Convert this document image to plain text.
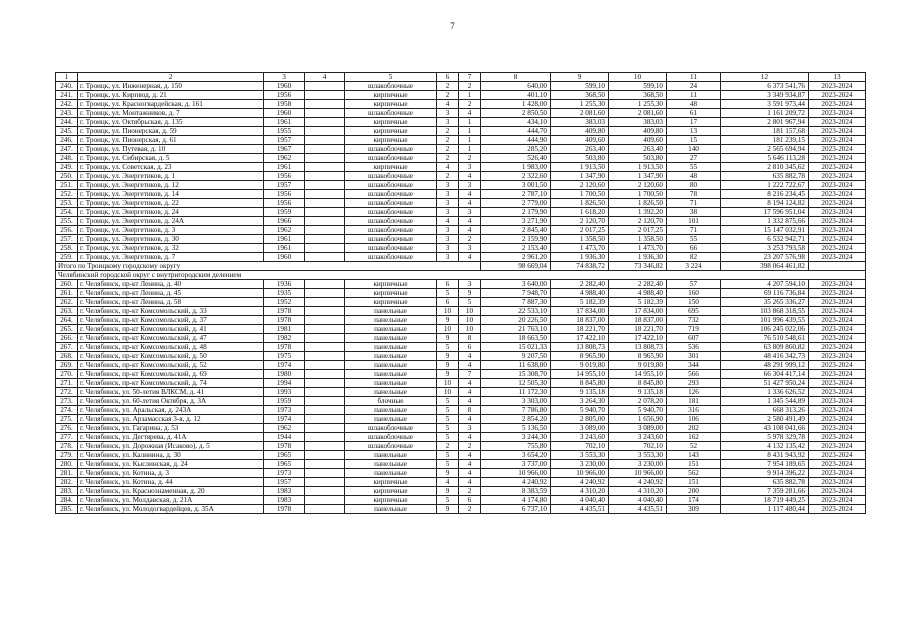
7
1	2	3	4	5	6	7	8	9	10	11	12	13
240.	г. Троицк, ул. Инженерная, д. 150	1960		шлакоблочные	2	2	640,00	599,10	599,10	24	6 373 541,76	2023-2024
241.	г. Троицк, ул. Кирпвод, д. 21	1956		кирпичные	2	1	401,10	368,50	368,50	11	3 349 934,87	2023-2024
242.	г. Троицк, ул. Красногвардейская, д. 161	1958		кирпичные	4	2	1 428,00	1 255,30	1 255,30	48	3 591 973,44	2023-2024
243.	г. Троицк, ул. Монтажников, д. 7	1960		шлакоблочные	3	4	2 850,50	2 081,60	2 081,60	61	1 161 209,72	2023-2024
244.	г. Троицк, ул. Октябрьская, д. 135	1961		кирпичные	3	1	434,10	383,03	383,03	17	2 801 967,94	2023-2024
245.	г. Троицк, ул. Пионерская, д. 59	1955		кирпичные	2	1	444,70	409,80	409,80	13	181 157,68	2023-2024
246.	г. Троицк, ул. Пионерская, д. 61	1957		кирпичные	2	1	444,90	409,60	409,60	15	181 239,15	2023-2024
247.	г. Троицк, ул. Путевая, д. 10	1967		шлакоблочные	2	1	285,20	263,40	263,40	140	2 565 694,94	2023-2024
248.	г. Троицк, ул. Сибирская, д. 5	1962		шлакоблочные	2	2	526,40	503,80	503,80	27	5 646 113,28	2023-2024
249.	г. Троицк, ул. Советская, д. 23	1961		кирпичные	4	3	1 983,00	1 913,50	1 913,50	55	2 810 345,62	2023-2024
250.	г. Троицк, ул. Энергетиков, д. 1	1956		шлакоблочные	2	4	2 322,60	1 347,90	1 347,90	48	635 882,78	2023-2024
251.	г. Троицк, ул. Энергетиков, д. 12	1957		шлакоблочные	3	3	3 001,50	2 120,60	2 120,60	80	1 222 722,67	2023-2024
252.	г. Троицк, ул. Энергетиков, д. 14	1956		шлакоблочные	3	4	2 787,10	1 700,50	1 700,50	78	8 216 234,45	2023-2024
253.	г. Троицк, ул. Энергетиков, д. 22	1956		шлакоблочные	3	4	2 779,00	1 826,50	1 826,50	71	8 194 124,82	2023-2024
254.	г. Троицк, ул. Энергетиков, д. 24	1959		шлакоблочные	3	3	2 179,90	1 618,20	1 392,20	38	17 596 951,04	2023-2024
255.	г. Троицк, ул. Энергетиков, д. 24А	1966		шлакоблочные	4	4	3 271,90	2 120,70	2 120,70	101	1 332 875,66	2023-2024
256.	г. Троицк, ул. Энергетиков, д. 3	1962		шлакоблочные	3	4	2 845,40	2 017,25	2 017,25	71	15 147 032,91	2023-2024
257.	г. Троицк, ул. Энергетиков, д. 30	1961		шлакоблочные	3	2	2 159,90	1 358,50	1 358,50	55	6 532 942,71	2023-2024
258.	г. Троицк, ул. Энергетиков, д. 32	1961		шлакоблочные	3	3	2 153,40	1 473,70	1 473,70	66	3 253 793,58	2023-2024
259.	г. Троицк, ул. Энергетиков, д. 7	1960		шлакоблочные	3	4	2 961,20	1 936,30	1 936,30	82	23 207 576,98	2023-2024
Итого по Троицкому городскому округу							98 669,04	74 838,72	73 346,82	3 224	398 064 461,82	
Челябинский городской округ с внутригородским делением												
260.	г. Челябинск, пр-кт Ленина, д. 40	1936		кирпичные	6	3	3 640,00	2 282,40	2 282,40	57	4 207 594,10	2023-2024
261.	г. Челябинск, пр-кт Ленина, д. 45	1935		кирпичные	5	9	7 948,70	4 988,40	4 988,40	160	69 116 736,84	2023-2024
262.	г. Челябинск, пр-кт Ленина, д. 58	1952		кирпичные	6	5	7 887,30	5 182,39	5 182,39	150	35 265 336,27	2023-2024
263.	г. Челябинск, пр-кт Комсомольский, д. 33	1978		панельные	10	10	22 533,10	17 834,00	17 834,00	695	103 868 318,55	2023-2024
264.	г. Челябинск, пр-кт Комсомольский, д. 37	1978		панельные	9	10	20 226,50	18 837,00	18 837,00	732	101 996 439,55	2023-2024
265.	г. Челябинск, пр-кт Комсомольский, д. 41	1981		панельные	10	10	21 763,10	18 221,70	18 221,70	719	106 245 022,06	2023-2024
266.	г. Челябинск, пр-кт Комсомольский, д. 47	1982		панельные	9	8	18 663,50	17 422,10	17 422,10	607	76 510 548,61	2023-2024
267.	г. Челябинск, пр-кт Комсомольский, д. 48	1978		панельные	5	6	15 021,33	13 808,73	13 808,73	536	63 809 860,82	2023-2024
268.	г. Челябинск, пр-кт Комсомольский, д. 50	1975		панельные	9	4	9 207,50	8 965,90	8 965,90	301	48 416 342,73	2023-2024
269.	г. Челябинск, пр-кт Комсомольский, д. 52	1974		панельные	9	4	11 638,00	9 019,80	9 019,80	344	48 291 999,12	2023-2024
270.	г. Челябинск, пр-кт Комсомольский, д. 69	1980		панельные	9	7	15 308,70	14 955,10	14 955,10	566	66 304 417,14	2023-2024
271.	г. Челябинск, пр-кт Комсомольский, д. 74	1994		панельные	10	4	12 505,30	8 845,80	8 845,80	293	51 427 950,24	2023-2024
272.	г. Челябинск, ул. 50-летия ВЛКСМ, д. 41	1993		панельные	10	4	11 172,30	9 135,18	9 135,18	126	1 336 626,52	2023-2024
273.	г. Челябинск, ул. 60-летия Октября, д. 3А	1959		блочные	5	4	3 303,00	3 264,30	2 078,20	181	1 345 544,89	2023-2024
274.	г. Челябинск, ул. Аральская, д. 243А	1973		панельные	5	8	7 786,80	5 940,70	5 940,70	316	668 313,26	2023-2024
275.	г. Челябинск, ул. Арзамасская 3-я, д. 12	1974		панельные	5	4	2 854,20	2 805,00	1 656,90	106	2 580 491,49	2023-2024
276.	г. Челябинск, ул. Гагарина, д. 53	1962		шлакоблочные	5	3	5 136,50	3 089,00	3 089,00	202	43 108 041,66	2023-2024
277.	г. Челябинск, ул. Дегтярева, д. 41А	1944		шлакоблочные	5	4	3 244,30	3 243,60	3 243,60	162	5 978 329,78	2023-2024
278.	г. Челябинск, ул. Дорожная (Исаково), д. 5	1978		шлакоблочные	2	2	755,80	702,10	702,10	52	4 132 135,42	2023-2024
279.	г. Челябинск, ул. Калинина, д. 30	1965		панельные	5	4	3 654,20	3 553,30	3 553,30	143	8 431 943,92	2023-2024
280.	г. Челябинск, ул. Кыслинская, д. 24	1965		панельные	5	4	3 737,00	3 230,00	3 230,00	151	7 954 189,65	2023-2024
281.	г. Челябинск, ул. Котина, д. 3	1973		панельные	9	4	10 966,00	10 966,00	10 966,00	562	9 914 396,22	2023-2024
282.	г. Челябинск, ул. Котина, д. 44	1957		кирпичные	4	4	4 240,92	4 240,92	4 240,92	151	635 882,78	2023-2024
283.	г. Челябинск, ул. Краснознаменная, д. 20	1983		кирпичные	9	2	8 383,59	4 310,20	4 310,20	200	7 359 281,66	2023-2024
284.	г. Челябинск, ул. Молдавская, д. 21А	1983		кирпичные	5	6	4 174,80	4 040,40	4 040,40	174	18 719 449,25	2023-2024
285.	г. Челябинск, ул. Молодогвардейцев, д. 35А	1978		панельные	9	2	6 737,10	4 435,51	4 435,51	309	1 117 480,44	2023-2024
